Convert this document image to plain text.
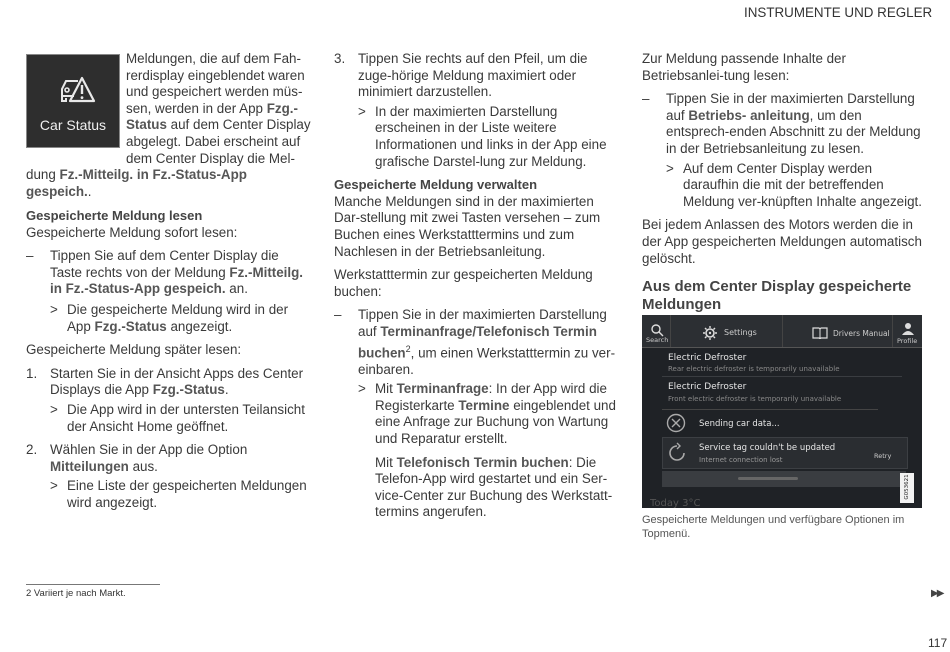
INSTRUMENTE UND REGLER
Car Status
Meldungen, die auf dem Fah-
rerdisplay eingeblendet waren
und gespeichert werden müs-
sen, werden in der App Fzg.-
Status auf dem Center Display
abgelegt. Dabei erscheint auf
dem Center Display die Mel-
dung Fz.-Mitteilg. in Fz.-Status-App
gespeich..
Gespeicherte Meldung lesen

Gespeicherte Meldung sofort lesen:

– Tippen Sie auf dem Center Display die Taste rechts von der Meldung Fz.-Mitteilg. in Fz.-Status-App gespeich. an.
> Die gespeicherte Meldung wird in der App Fzg.-Status angezeigt.

Gespeicherte Meldung später lesen:

1. Starten Sie in der Ansicht Apps des Center Displays die App Fzg.-Status.
> Die App wird in der untersten Teilansicht der Ansicht Home geöffnet.
2. Wählen Sie in der App die Option Mitteilungen aus.
> Eine Liste der gespeicherten Meldungen wird angezeigt.
2 Variiert je nach Markt.
3. Tippen Sie rechts auf den Pfeil, um die zuge-hörige Meldung maximiert oder minimiert darzustellen.
> In der maximierten Darstellung erscheinen in der Liste weitere Informationen und links in der App eine grafische Darstel-lung zur Meldung.
Gespeicherte Meldung verwalten

Manche Meldungen sind in der maximierten Dar-stellung mit zwei Tasten versehen – zum Buchen eines Werkstatttermins und zum Nachlesen in der Betriebsanleitung.

Werkstatttermin zur gespeicherten Meldung buchen:

– Tippen Sie in der maximierten Darstellung auf Terminanfrage/Telefonisch Termin buchen$^2$, um einen Werkstatttermin zu ver-einbaren.
> Mit Terminanfrage: In der App wird die Registerkarte Termine eingeblendet und eine Anfrage zur Buchung von Wartung und Reparatur erstellt.
Mit Telefonisch Termin buchen: Die Telefon-App wird gestartet und ein Ser-vice-Center zur Buchung des Werkstatt-termins angerufen.

Zur Meldung passende Inhalte der Betriebsanlei-tung lesen:

– Tippen Sie in der maximierten Darstellung auf Betriebs- anleitung, um den entsprech-enden Abschnitt zu der Meldung in der Betriebsanleitung zu lesen.
> Auf dem Center Display werden daraufhin die mit der betreffenden Meldung ver-knüpften Inhalte angezeigt.

Bei jedem Anlassen des Motors werden die in der App gespeicherten Meldungen automatisch gelöscht.

Aus dem Center Display gespeicherte Meldungen
Search
Settings	Drivers Manual
Profile
Electric Defroster
Rear electric defroster is temporarily unavailable
Electric Defroster
Front electric defroster is temporarily unavailable
Sending car data...
Service tag couldn't be updated
Internet connection lost	Retry
Today 3°C
G053621
Gespeicherte Meldungen und verfügbare Optionen im Topmenü.
▶▶
117
